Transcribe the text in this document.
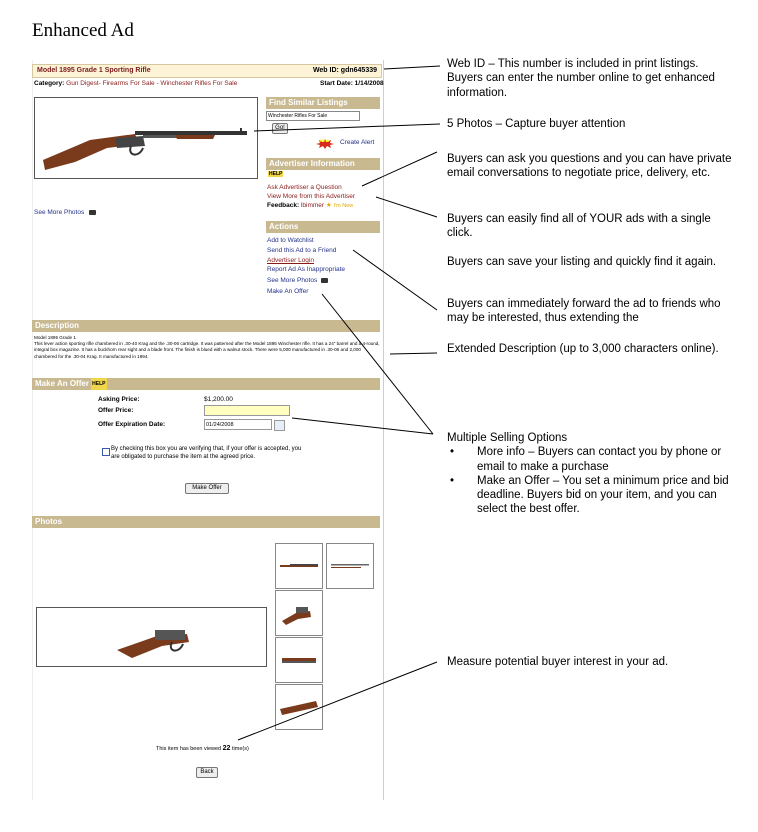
Enhanced Ad
Model 1895 Grade 1 Sporting Rifle	Web ID: gdn645339
Category: Gun Digest- Firearms For Sale - Winchester Rifles For Sale	Start Date: 1/14/2008
See More Photos
Find Similar Listings
Winchester Rifles For Sale
Go!
NEW Create Alert
Advertiser Information
HELP
Ask Advertiser a Question
View More from this Advertiser
Feedback: lbimmer ★ I'm New
Actions
Add to Watchlist
Send this Ad to a Friend
Advertiser Login
Report Ad As Inappropriate
See More Photos
Make An Offer
Description
Model 1895 Grade 1
This lever action sporting rifle chambered in .30-40 Krag and the .30-06 cartridge. It was patterned after the Model 1895 Winchester rifle. It has a 24" barrel and a 4-round, integral box magazine. It has a buckhorn rear sight and a blade front. The finish is blued with a walnut stock. There were 5,000 manufactured in .30-06 and 2,000 chambered for the .30-04 Krag. It manufactured in 1894.
Make An Offer HELP
Asking Price:	$1,200.00
Offer Price:
Offer Expiration Date:
01/24/2008
By checking this box you are verifying that, if your offer is accepted, you are obligated to purchase the item at the agreed price.
Make Offer
Photos
This item has been viewed 22 time(s)
Back
Web ID – This number is included in print listings. Buyers can enter the number online to get enhanced information.
5 Photos – Capture buyer attention
Buyers can ask you questions and you can have private email conversations to negotiate price, delivery, etc.
Buyers can easily find all of YOUR ads with a single click.
Buyers can save your listing and quickly find it again.
Buyers can immediately forward the ad to friends who may be interested, thus extending the
Extended Description (up to 3,000 characters online).
Multiple Selling Options
• More info – Buyers can contact you by phone or email to make a purchase
• Make an Offer – You set a minimum price and bid deadline. Buyers bid on your item, and you can select the best offer.
Measure potential buyer interest in your ad.
